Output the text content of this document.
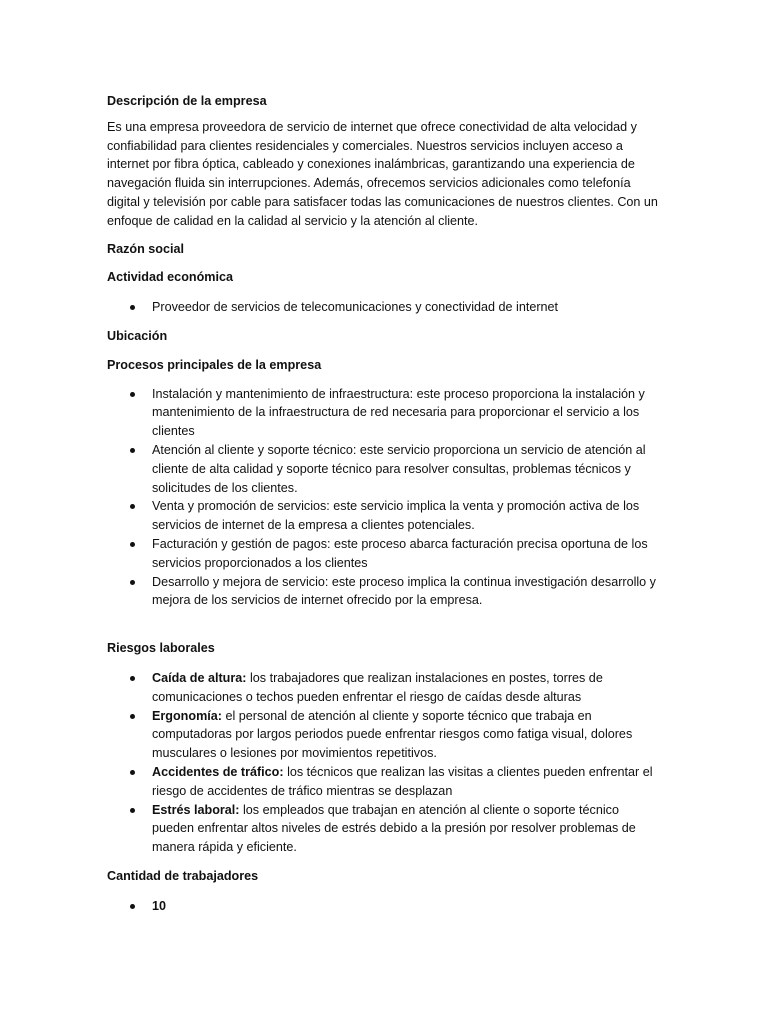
Descripción de la empresa

Es una empresa proveedora de servicio de internet que ofrece conectividad de alta velocidad y confiabilidad para clientes residenciales y comerciales. Nuestros servicios incluyen acceso a internet por fibra óptica, cableado y conexiones inalámbricas, garantizando una experiencia de navegación fluida sin interrupciones. Además, ofrecemos servicios adicionales como telefonía digital y televisión por cable para satisfacer todas las comunicaciones de nuestros clientes. Con un enfoque de calidad en la calidad al servicio y la atención al cliente.

Razón social

Actividad económica

Proveedor de servicios de telecomunicaciones y conectividad de internet

Ubicación

Procesos principales de la empresa

Instalación y mantenimiento de infraestructura: este proceso proporciona la instalación y mantenimiento de la infraestructura de red necesaria para proporcionar el servicio a los clientes
Atención al cliente y soporte técnico: este servicio proporciona un servicio de atención al cliente de alta calidad y soporte técnico para resolver consultas, problemas técnicos y solicitudes de los clientes.
Venta y promoción de servicios: este servicio implica la venta y promoción activa de los servicios de internet de la empresa a clientes potenciales.
Facturación y gestión de pagos: este proceso abarca facturación precisa oportuna de los servicios proporcionados a los clientes
Desarrollo y mejora de servicio: este proceso implica la continua investigación desarrollo y mejora de los servicios de internet ofrecido por la empresa.

Riesgos laborales

Caída de altura: los trabajadores que realizan instalaciones en postes, torres de comunicaciones o techos pueden enfrentar el riesgo de caídas desde alturas
Ergonomía: el personal de atención al cliente y soporte técnico que trabaja en computadoras por largos periodos puede enfrentar riesgos como fatiga visual, dolores musculares o lesiones por movimientos repetitivos.
Accidentes de tráfico: los técnicos que realizan las visitas a clientes pueden enfrentar el riesgo de accidentes de tráfico mientras se desplazan
Estrés laboral: los empleados que trabajan en atención al cliente o soporte técnico pueden enfrentar altos niveles de estrés debido a la presión por resolver problemas de manera rápida y eficiente.

Cantidad de trabajadores

10
